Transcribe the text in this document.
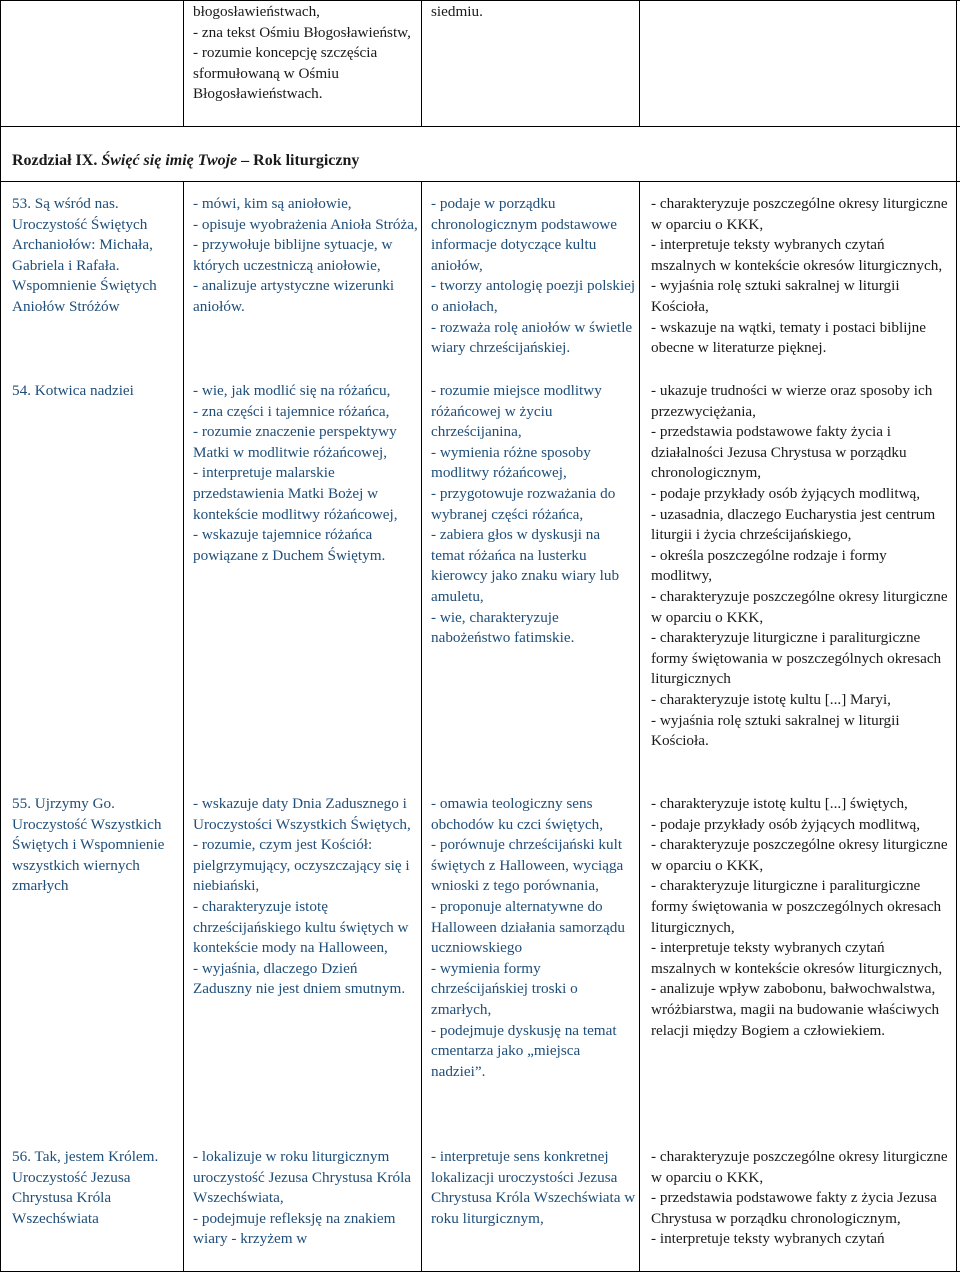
błogosławieństwach,
- zna tekst Ośmiu Błogosławieństw,
- rozumie koncepcję szczęścia sformułowaną w Ośmiu Błogosławieństwach.
siedmiu.
Rozdział IX. Święć się imię Twoje – Rok liturgiczny
53. Są wśród nas. Uroczystość Świętych Archaniołów: Michała, Gabriela i Rafała. Wspomnienie Świętych Aniołów Stróżów
- mówi, kim są aniołowie,
- opisuje wyobrażenia Anioła Stróża,
- przywołuje biblijne sytuacje, w których uczestniczą aniołowie,
- analizuje artystyczne wizerunki aniołów.
- podaje w porządku chronologicznym podstawowe informacje dotyczące kultu aniołów,
- tworzy antologię poezji polskiej o aniołach,
- rozważa rolę aniołów w świetle wiary chrześcijańskiej.
- charakteryzuje poszczególne okresy liturgiczne w oparciu o KKK,
- interpretuje teksty wybranych czytań mszalnych w kontekście okresów liturgicznych,
- wyjaśnia rolę sztuki sakralnej w liturgii Kościoła,
- wskazuje na wątki, tematy i postaci biblijne obecne w literaturze pięknej.
54. Kotwica nadziei	- wie, jak modlić się na różańcu,
- zna części i tajemnice różańca,
- rozumie znaczenie perspektywy Matki w modlitwie różańcowej,
- interpretuje malarskie przedstawienia Matki Bożej w kontekście modlitwy różańcowej,
- wskazuje tajemnice różańca powiązane z Duchem Świętym.
- rozumie miejsce modlitwy różańcowej w życiu chrześcijanina,
- wymienia różne sposoby modlitwy różańcowej,
- przygotowuje rozważania do wybranej części różańca,
- zabiera głos w dyskusji na temat różańca na lusterku kierowcy jako znaku wiary lub amuletu,
- wie, charakteryzuje nabożeństwo fatimskie.
- ukazuje trudności w wierze oraz sposoby ich przezwyciężania,
- przedstawia podstawowe fakty życia i działalności Jezusa Chrystusa w porządku chronologicznym,
- podaje przykłady osób żyjących modlitwą,
- uzasadnia, dlaczego Eucharystia jest centrum liturgii i życia chrześcijańskiego,
- określa poszczególne rodzaje i formy modlitwy,
- charakteryzuje poszczególne okresy liturgiczne w oparciu o KKK,
- charakteryzuje liturgiczne i paraliturgiczne formy świętowania w poszczególnych okresach liturgicznych
- charakteryzuje istotę kultu [...] Maryi,
- wyjaśnia rolę sztuki sakralnej w liturgii Kościoła.
55. Ujrzymy Go. Uroczystość Wszystkich Świętych i Wspomnienie wszystkich wiernych zmarłych
- wskazuje daty Dnia Zadusznego i Uroczystości Wszystkich Świętych,
- rozumie, czym jest Kościół: pielgrzymujący, oczyszczający się i niebiański,
- charakteryzuje istotę chrześcijańskiego kultu świętych w kontekście mody na Halloween,
- wyjaśnia, dlaczego Dzień Zaduszny nie jest dniem smutnym.
- omawia teologiczny sens obchodów ku czci świętych,
- porównuje chrześcijański kult świętych z Halloween, wyciąga wnioski z tego porównania,
- proponuje alternatywne do Halloween działania samorządu uczniowskiego
- wymienia formy chrześcijańskiej troski o zmarłych,
- podejmuje dyskusję na temat cmentarza jako „miejsca nadziei”.
- charakteryzuje istotę kultu [...] świętych,
- podaje przykłady osób żyjących modlitwą,
- charakteryzuje poszczególne okresy liturgiczne w oparciu o KKK,
- charakteryzuje liturgiczne i paraliturgiczne formy świętowania w poszczególnych okresach liturgicznych,
- interpretuje teksty wybranych czytań mszalnych w kontekście okresów liturgicznych,
- analizuje wpływ zabobonu, bałwochwalstwa, wróżbiarstwa, magii na budowanie właściwych relacji między Bogiem a człowiekiem.
56. Tak, jestem Królem. Uroczystość Jezusa Chrystusa Króla Wszechświata
- lokalizuje w roku liturgicznym uroczystość Jezusa Chrystusa Króla Wszechświata,
- podejmuje refleksję na znakiem wiary - krzyżem w
- interpretuje sens konkretnej lokalizacji uroczystości Jezusa Chrystusa Króla Wszechświata w roku liturgicznym,
- charakteryzuje poszczególne okresy liturgiczne w oparciu o KKK,
- przedstawia podstawowe fakty z życia Jezusa Chrystusa w porządku chronologicznym,
- interpretuje teksty wybranych czytań
